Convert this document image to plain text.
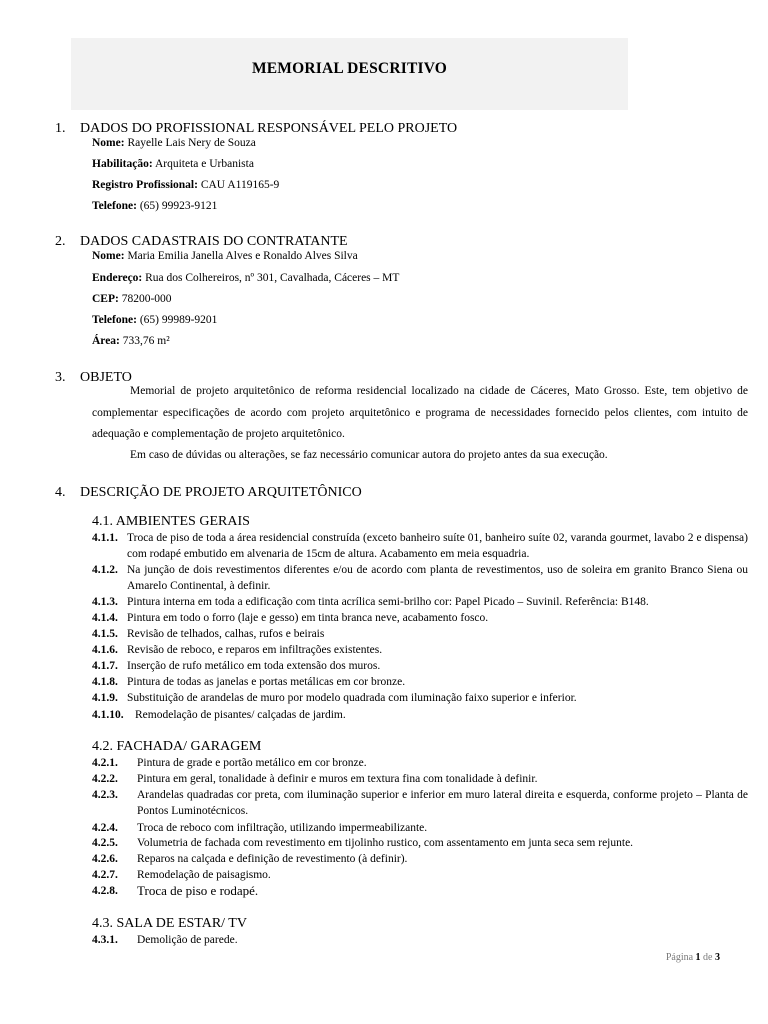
MEMORIAL DESCRITIVO
1. DADOS DO PROFISSIONAL RESPONSÁVEL PELO PROJETO
Nome: Rayelle Lais Nery de Souza
Habilitação: Arquiteta e Urbanista
Registro Profissional: CAU A119165-9
Telefone: (65) 99923-9121
2. DADOS CADASTRAIS DO CONTRATANTE
Nome: Maria Emilia Janella Alves e Ronaldo Alves Silva
Endereço: Rua dos Colhereiros, nº 301, Cavalhada, Cáceres – MT
CEP: 78200-000
Telefone: (65) 99989-9201
Área: 733,76 m²
3. OBJETO
Memorial de projeto arquitetônico de reforma residencial localizado na cidade de Cáceres, Mato Grosso. Este, tem objetivo de complementar especificações de acordo com projeto arquitetônico e programa de necessidades fornecido pelos clientes, com intuito de adequação e complementação de projeto arquitetônico.
Em caso de dúvidas ou alterações, se faz necessário comunicar autora do projeto antes da sua execução.
4. DESCRIÇÃO DE PROJETO ARQUITETÔNICO
4.1. AMBIENTES GERAIS
4.1.1. Troca de piso de toda a área residencial construída (exceto banheiro suíte 01, banheiro suíte 02, varanda gourmet, lavabo 2 e dispensa) com rodapé embutido em alvenaria de 15cm de altura. Acabamento em meia esquadria.
4.1.2. Na junção de dois revestimentos diferentes e/ou de acordo com planta de revestimentos, uso de soleira em granito Branco Siena ou Amarelo Continental, à definir.
4.1.3. Pintura interna em toda a edificação com tinta acrílica semi-brilho cor: Papel Picado – Suvinil. Referência: B148.
4.1.4. Pintura em todo o forro (laje e gesso) em tinta branca neve, acabamento fosco.
4.1.5. Revisão de telhados, calhas, rufos e beirais
4.1.6. Revisão de reboco, e reparos em infiltrações existentes.
4.1.7. Inserção de rufo metálico em toda extensão dos muros.
4.1.8. Pintura de todas as janelas e portas metálicas em cor bronze.
4.1.9. Substituição de arandelas de muro por modelo quadrada com iluminação faixo superior e inferior.
4.1.10. Remodelação de pisantes/ calçadas de jardim.
4.2. FACHADA/ GARAGEM
4.2.1. Pintura de grade e portão metálico em cor bronze.
4.2.2. Pintura em geral, tonalidade à definir e muros em textura fina com tonalidade à definir.
4.2.3. Arandelas quadradas cor preta, com iluminação superior e inferior em muro lateral direita e esquerda, conforme projeto – Planta de Pontos Luminotécnicos.
4.2.4. Troca de reboco com infiltração, utilizando impermeabilizante.
4.2.5. Volumetria de fachada com revestimento em tijolinho rustico, com assentamento em junta seca sem rejunte.
4.2.6. Reparos na calçada e definição de revestimento (à definir).
4.2.7. Remodelação de paisagismo.
4.2.8. Troca de piso e rodapé.
4.3. SALA DE ESTAR/ TV
4.3.1. Demolição de parede.
Página 1 de 3
